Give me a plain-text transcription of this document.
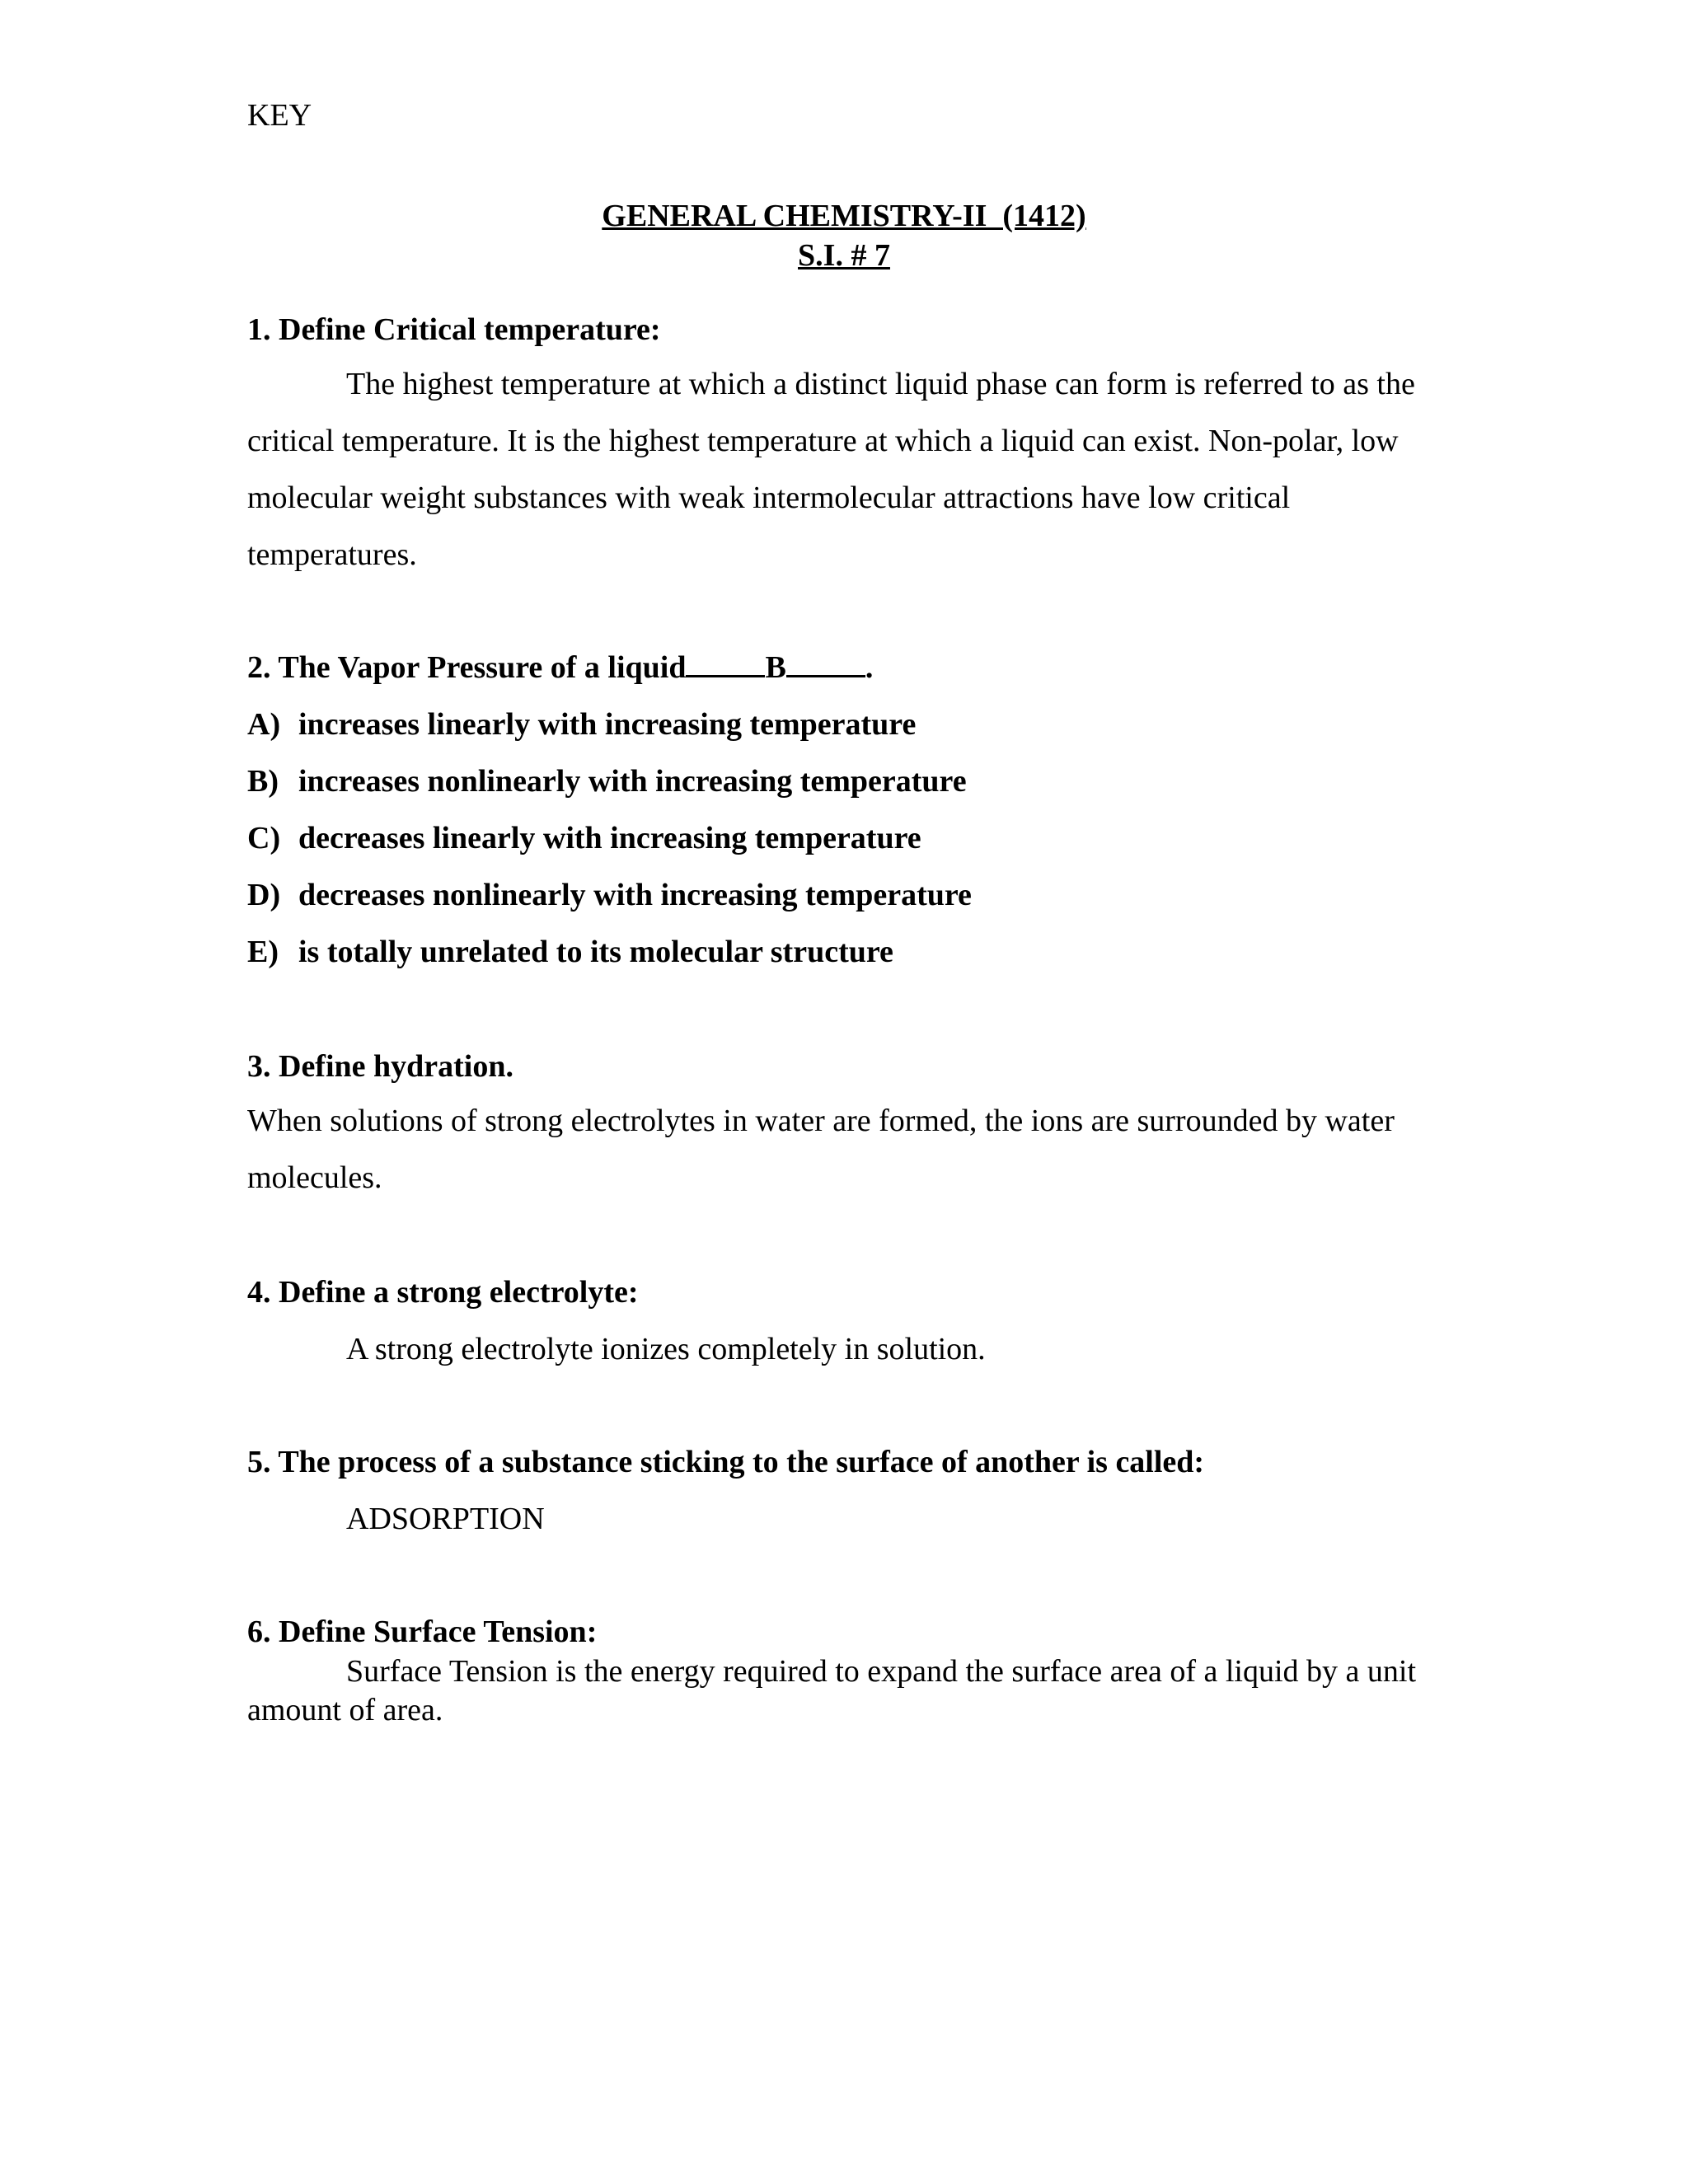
KEY
GENERAL CHEMISTRY-II  (1412)
S.I. # 7
1. Define Critical temperature:
The highest temperature at which a distinct liquid phase can form is referred to as the critical temperature. It is the highest temperature at which a liquid can exist. Non-polar, low molecular weight substances with weak intermolecular attractions have low critical temperatures.
2. The Vapor Pressure of a liquid	B	.
A) increases linearly with increasing temperature
B) increases nonlinearly with increasing temperature
C) decreases linearly with increasing temperature
D) decreases nonlinearly with increasing temperature
E) is totally unrelated to its molecular structure
3. Define hydration.
When solutions of strong electrolytes in water are formed, the ions are surrounded by water molecules.
4. Define a strong electrolyte:
A strong electrolyte ionizes completely in solution.
5. The process of a substance sticking to the surface of another is called:
ADSORPTION
6. Define Surface Tension:
Surface Tension is the energy required to expand the surface area of a liquid by a unit amount of area.
